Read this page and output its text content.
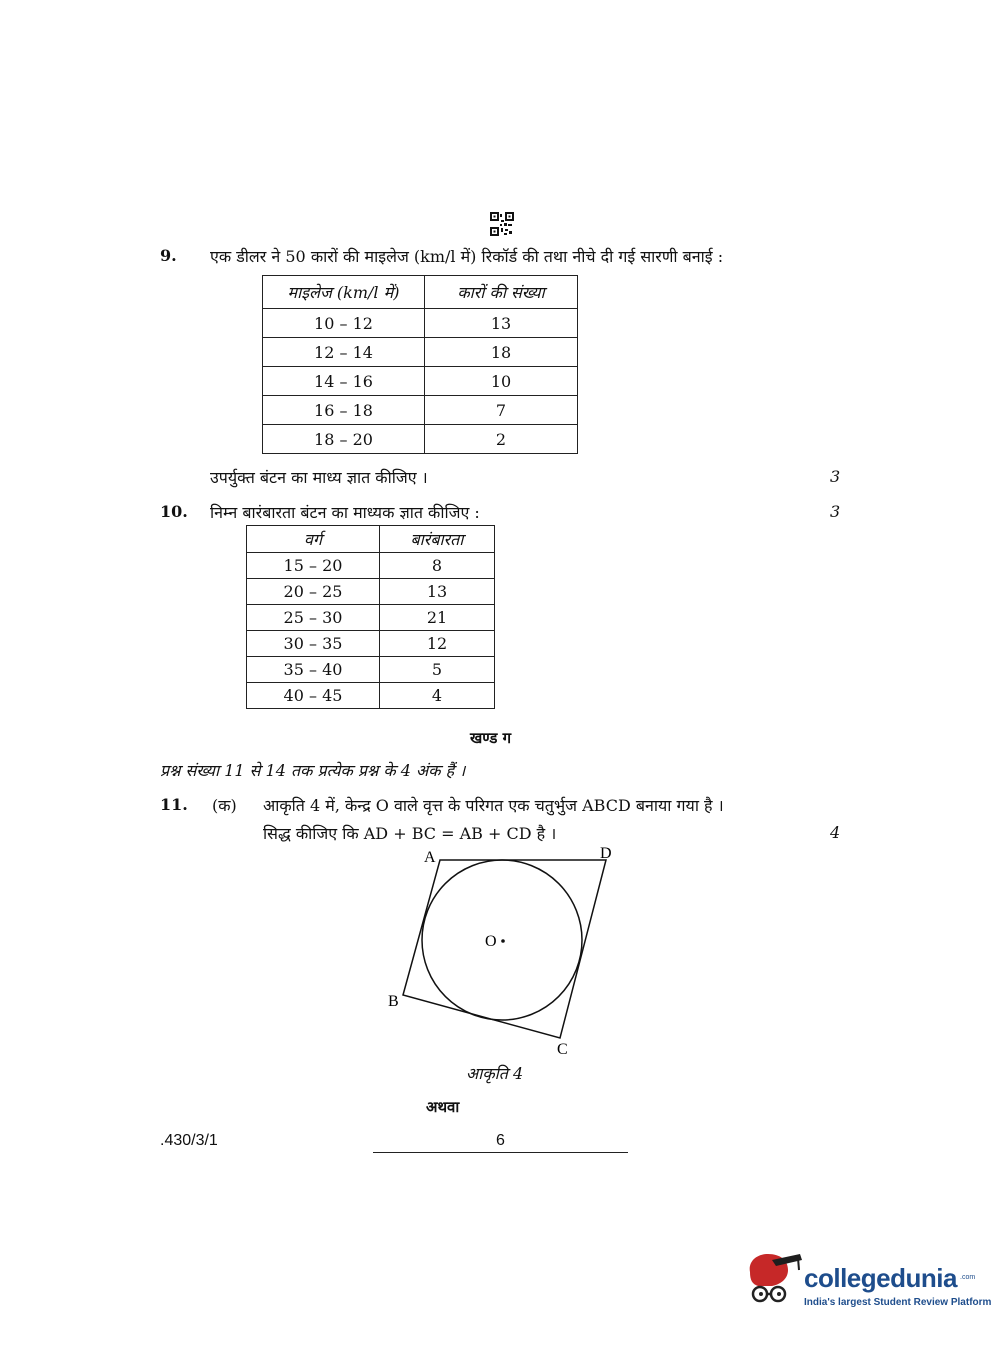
9. एक डीलर ने 50 कारों की माइलेज (km/l में) रिकॉर्ड की तथा नीचे दी गई सारणी बनाई :
माइलेज (km/l में)	कारों की संख्या
10 – 12	13
12 – 14	18
14 – 16	10
16 – 18	7
18 – 20	2
उपर्युक्त बंटन का माध्य ज्ञात कीजिए ।	3
10. निम्न बारंबारता बंटन का माध्यक ज्ञात कीजिए :	3
वर्ग	बारंबारता
15 – 20	8
20 – 25	13
25 – 30	21
30 – 35	12
35 – 40	5
40 – 45	4
खण्ड ग
प्रश्न संख्या 11 से 14 तक प्रत्येक प्रश्न के 4 अंक हैं ।
11. (क) आकृति 4 में, केन्द्र O वाले वृत्त के परिगत एक चतुर्भुज ABCD बनाया गया है ।
सिद्ध कीजिए कि AD + BC = AB + CD है ।	4
A	D
B
C
O
आकृति 4
अथवा
.430/3/1	6
collegedunia .com
India's largest Student Review Platform
